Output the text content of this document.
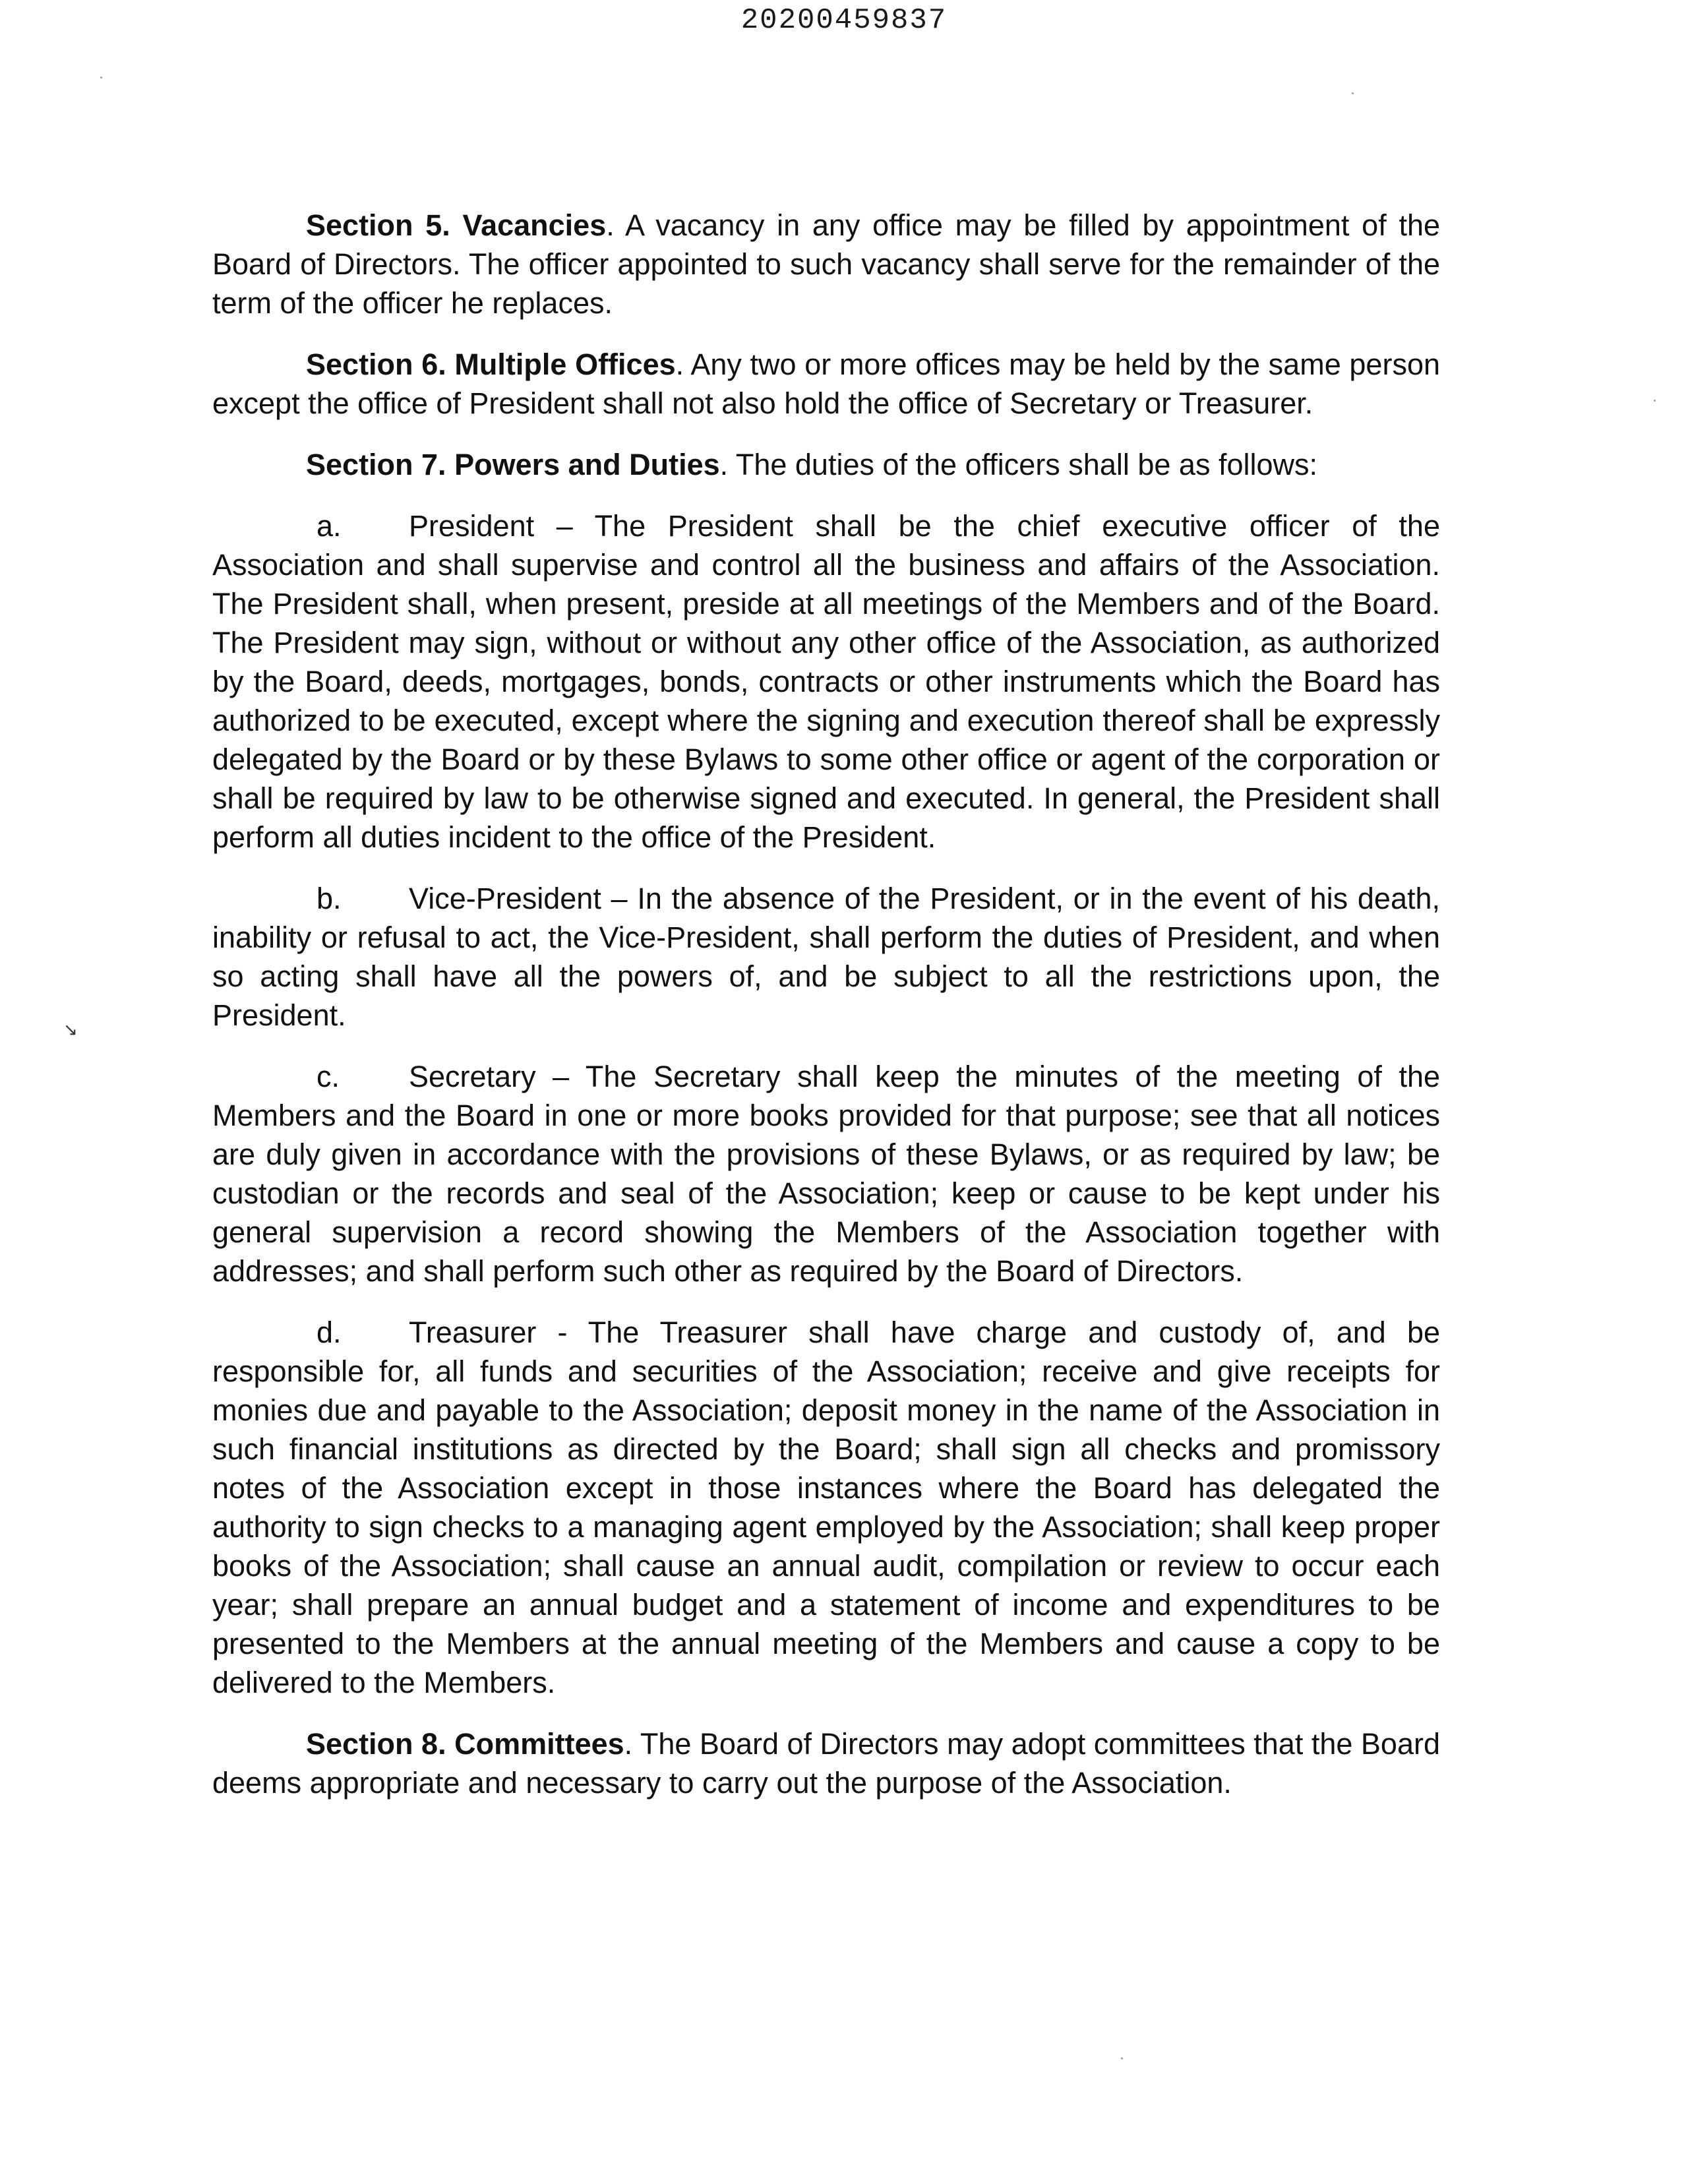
20200459837

Section 5. Vacancies. A vacancy in any office may be filled by appointment of the Board of Directors. The officer appointed to such vacancy shall serve for the remainder of the term of the officer he replaces.

Section 6. Multiple Offices. Any two or more offices may be held by the same person except the office of President shall not also hold the office of Secretary or Treasurer.

Section 7. Powers and Duties. The duties of the officers shall be as follows:

a. President – The President shall be the chief executive officer of the Association and shall supervise and control all the business and affairs of the Association. The President shall, when present, preside at all meetings of the Members and of the Board. The President may sign, without or without any other office of the Association, as authorized by the Board, deeds, mortgages, bonds, contracts or other instruments which the Board has authorized to be executed, except where the signing and execution thereof shall be expressly delegated by the Board or by these Bylaws to some other office or agent of the corporation or shall be required by law to be otherwise signed and executed. In general, the President shall perform all duties incident to the office of the President.

b. Vice-President – In the absence of the President, or in the event of his death, inability or refusal to act, the Vice-President, shall perform the duties of President, and when so acting shall have all the powers of, and be subject to all the restrictions upon, the President.

c. Secretary – The Secretary shall keep the minutes of the meeting of the Members and the Board in one or more books provided for that purpose; see that all notices are duly given in accordance with the provisions of these Bylaws, or as required by law; be custodian or the records and seal of the Association; keep or cause to be kept under his general supervision a record showing the Members of the Association together with addresses; and shall perform such other as required by the Board of Directors.

d. Treasurer - The Treasurer shall have charge and custody of, and be responsible for, all funds and securities of the Association; receive and give receipts for monies due and payable to the Association; deposit money in the name of the Association in such financial institutions as directed by the Board; shall sign all checks and promissory notes of the Association except in those instances where the Board has delegated the authority to sign checks to a managing agent employed by the Association; shall keep proper books of the Association; shall cause an annual audit, compilation or review to occur each year; shall prepare an annual budget and a statement of income and expenditures to be presented to the Members at the annual meeting of the Members and cause a copy to be delivered to the Members.

Section 8. Committees. The Board of Directors may adopt committees that the Board deems appropriate and necessary to carry out the purpose of the Association.

↘
